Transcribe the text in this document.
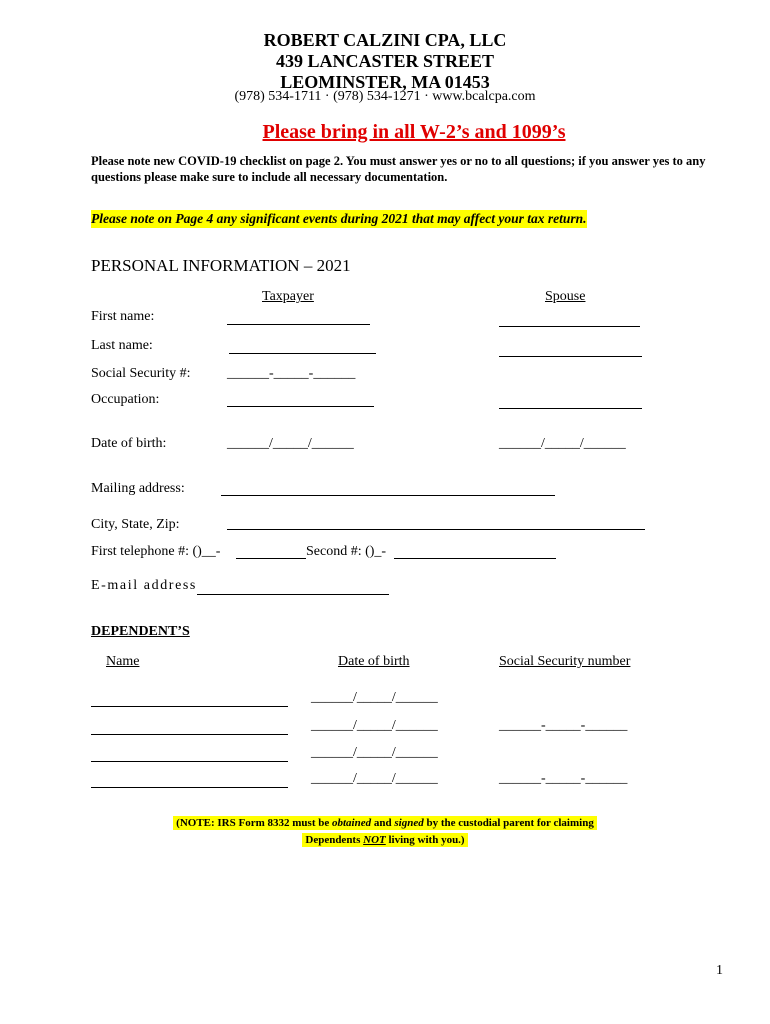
ROBERT CALZINI CPA, LLC
439 LANCASTER STREET
LEOMINSTER, MA 01453
(978) 534-1711 · (978) 534-1271 · www.bcalcpa.com
Please bring in all W-2’s and 1099’s
Please note new COVID-19 checklist on page 2. You must answer yes or no to all questions; if you answer yes to any questions please make sure to include all necessary documentation.
Please note on Page 4 any significant events during 2021 that may affect your tax return.
PERSONAL INFORMATION – 2021
Taxpayer	Spouse
First name:
Last name:
Social Security #:	______-_____-______
Occupation:
Date of birth:	______/_____/______	______/_____/______
Mailing address:
City, State, Zip:
First telephone #: ()__-	Second #: ()_-
E-mail address
DEPENDENT’S
Name	Date of birth	Social Security number
______/_____/______
______/_____/______	______-_____-______
______/_____/______
______/_____/______	______-_____-______
(NOTE: IRS Form 8332 must be obtained and signed by the custodial parent for claiming
Dependents NOT living with you.)
1
